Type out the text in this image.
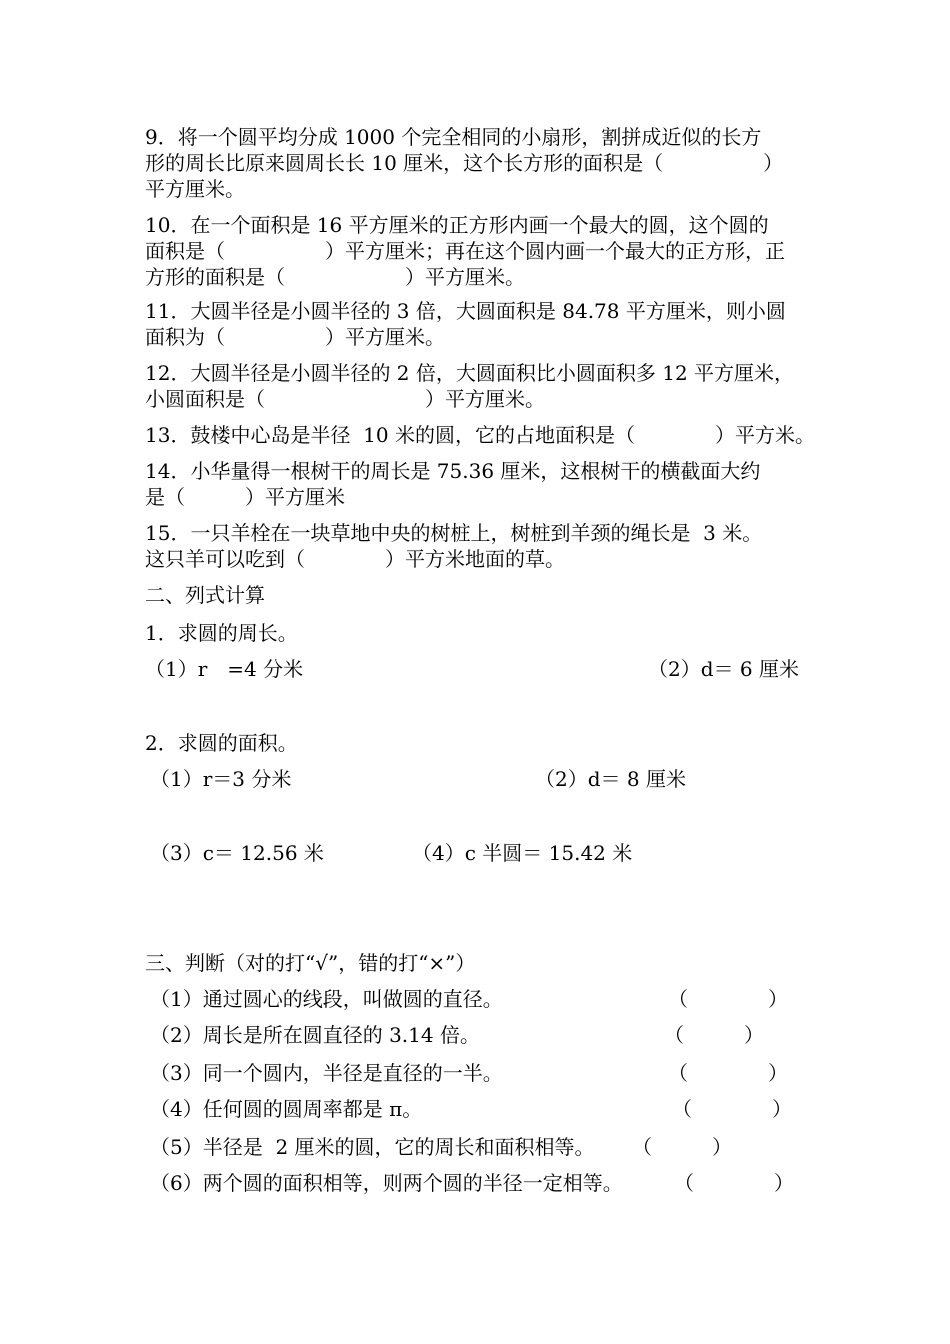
9．将一个圆平均分成 1000 个完全相同的小扇形，割拼成近似的长方
形的周长比原来圆周长长 10 厘米，这个长方形的面积是（　　　　　）
平方厘米。
10．在一个面积是 16 平方厘米的正方形内画一个最大的圆，这个圆的
面积是（　　　　　）平方厘米；再在这个圆内画一个最大的正方形，正
方形的面积是（　　　　　　）平方厘米。
11．大圆半径是小圆半径的 3 倍，大圆面积是 84.78 平方厘米，则小圆
面积为（　　　　　）平方厘米。
12．大圆半径是小圆半径的 2 倍，大圆面积比小圆面积多 12 平方厘米，
小圆面积是（　　　　　　　　）平方厘米。
13．鼓楼中心岛是半径  10 米的圆，它的占地面积是（　　　　）平方米。
14．小华量得一根树干的周长是 75.36 厘米，这根树干的横截面大约
是（　　　）平方厘米
15．一只羊栓在一块草地中央的树桩上，树桩到羊颈的绳长是  3 米。
这只羊可以吃到（　　　　）平方米地面的草。
二、列式计算
1．求圆的周长。
（1）r　=4 分米	（2）d＝ 6 厘米
2．求圆的面积。
（1）r＝3 分米	（2）d＝ 8 厘米
（3）c＝ 12.56 米	（4）c 半圆＝ 15.42 米
三、判断（对的打“√”，错的打“×”）
（1）通过圆心的线段，叫做圆的直径。	（　　　　）
（2）周长是所在圆直径的 3.14 倍。	（　　　）
（3）同一个圆内，半径是直径的一半。	（　　　　）
（4）任何圆的圆周率都是 π。	（　　　　）
（5）半径是  2 厘米的圆，它的周长和面积相等。 （　　　）
（6）两个圆的面积相等，则两个圆的半径一定相等。	（　　　　）
